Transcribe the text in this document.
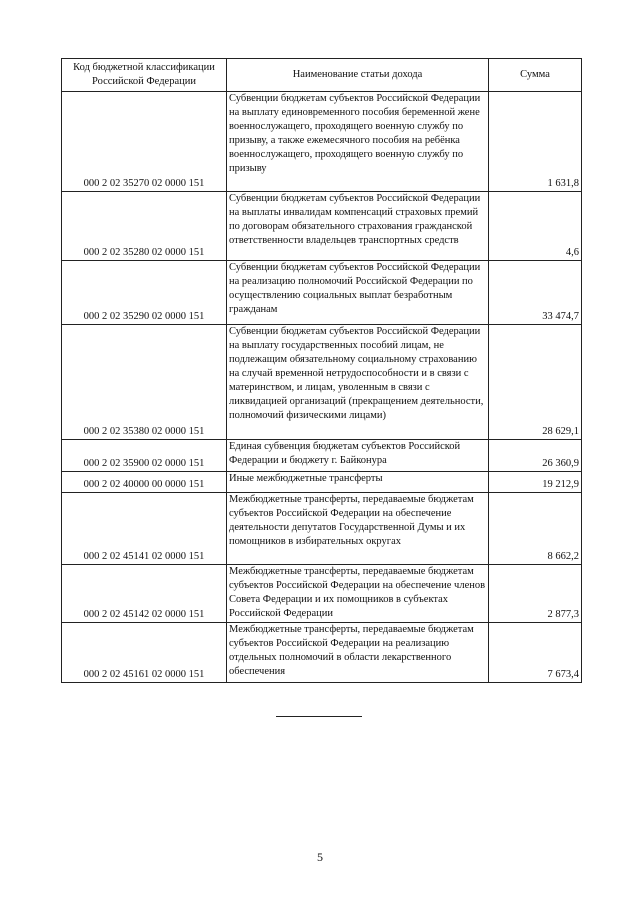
Код бюджетной классификации Российской Федерации	Наименование статьи дохода	Сумма
000 2 02 35270 02 0000 151	Субвенции бюджетам субъектов Российской Федерации на выплату единовременного пособия беременной жене военнослужащего, проходящего военную службу по призыву, а также ежемесячного пособия на ребёнка военнослужащего, проходящего военную службу по призыву	1 631,8
000 2 02 35280 02 0000 151	Субвенции бюджетам субъектов Российской Федерации на выплаты инвалидам компенсаций страховых премий по договорам обязательного страхования гражданской ответственности владельцев транспортных средств	4,6
000 2 02 35290 02 0000 151	Субвенции бюджетам субъектов Российской Федерации на реализацию полномочий Российской Федерации по осуществлению социальных выплат безработным гражданам	33 474,7
000 2 02 35380 02 0000 151	Субвенции бюджетам субъектов Российской Федерации на выплату государственных пособий лицам, не подлежащим обязательному социальному страхованию на случай временной нетрудоспособности и в связи с материнством, и лицам, уволенным в связи с ликвидацией организаций (прекращением деятельности, полномочий физическими лицами)	28 629,1
000 2 02 35900 02 0000 151	Единая субвенция бюджетам субъектов Российской Федерации и бюджету г. Байконура	26 360,9
000 2 02 40000 00 0000 151	Иные межбюджетные трансферты	19 212,9
000 2 02 45141 02 0000 151	Межбюджетные трансферты, передаваемые бюджетам субъектов Российской Федерации на обеспечение деятельности депутатов Государственной Думы и их помощников в избирательных округах	8 662,2
000 2 02 45142 02 0000 151	Межбюджетные трансферты, передаваемые бюджетам субъектов Российской Федерации на обеспечение членов Совета Федерации и их помощников в субъектах Российской Федерации	2 877,3
000 2 02 45161 02 0000 151	Межбюджетные трансферты, передаваемые бюджетам субъектов Российской Федерации на реализацию отдельных полномочий в области лекарственного обеспечения	7 673,4
5
